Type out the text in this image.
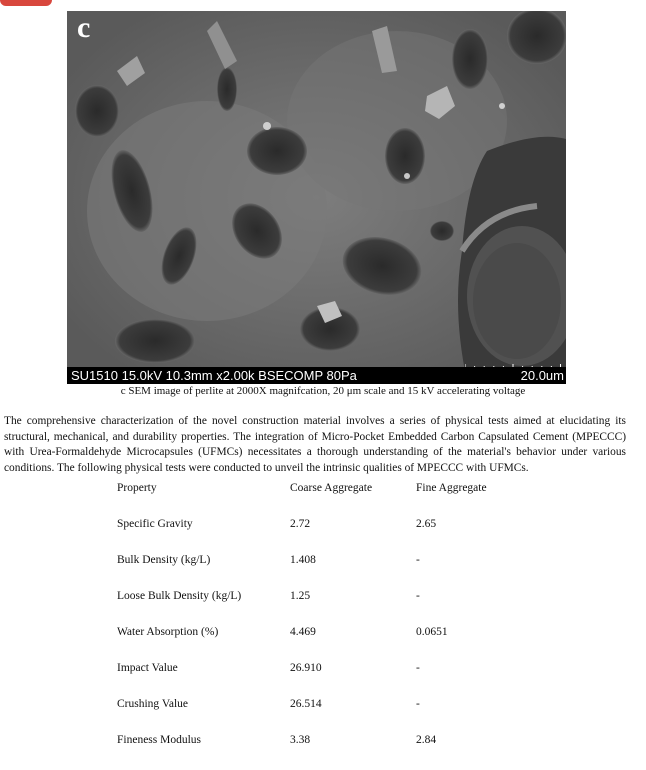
c
SU1510 15.0kV 10.3mm x2.00k BSECOMP 80Pa	20.0um
c SEM image of perlite at 2000X magnifcation, 20 μm scale and 15 kV accelerating voltage

The comprehensive characterization of the novel construction material involves a series of physical tests aimed at elucidating its structural, mechanical, and durability properties. The integration of Micro-Pocket Embedded Carbon Capsulated Cement (MPECCC) with Urea-Formaldehyde Microcapsules (UFMCs) necessitates a thorough understanding of the material's behavior under various conditions. The following physical tests were conducted to unveil the intrinsic qualities of MPECCC with UFMCs.

Property	Coarse Aggregate	Fine Aggregate
Specific Gravity	2.72	2.65
Bulk Density (kg/L)	1.408	-
Loose Bulk Density (kg/L)	1.25	-
Water Absorption (%)	4.469	0.0651
Impact Value	26.910	-
Crushing Value	26.514	-
Fineness Modulus	3.38	2.84
